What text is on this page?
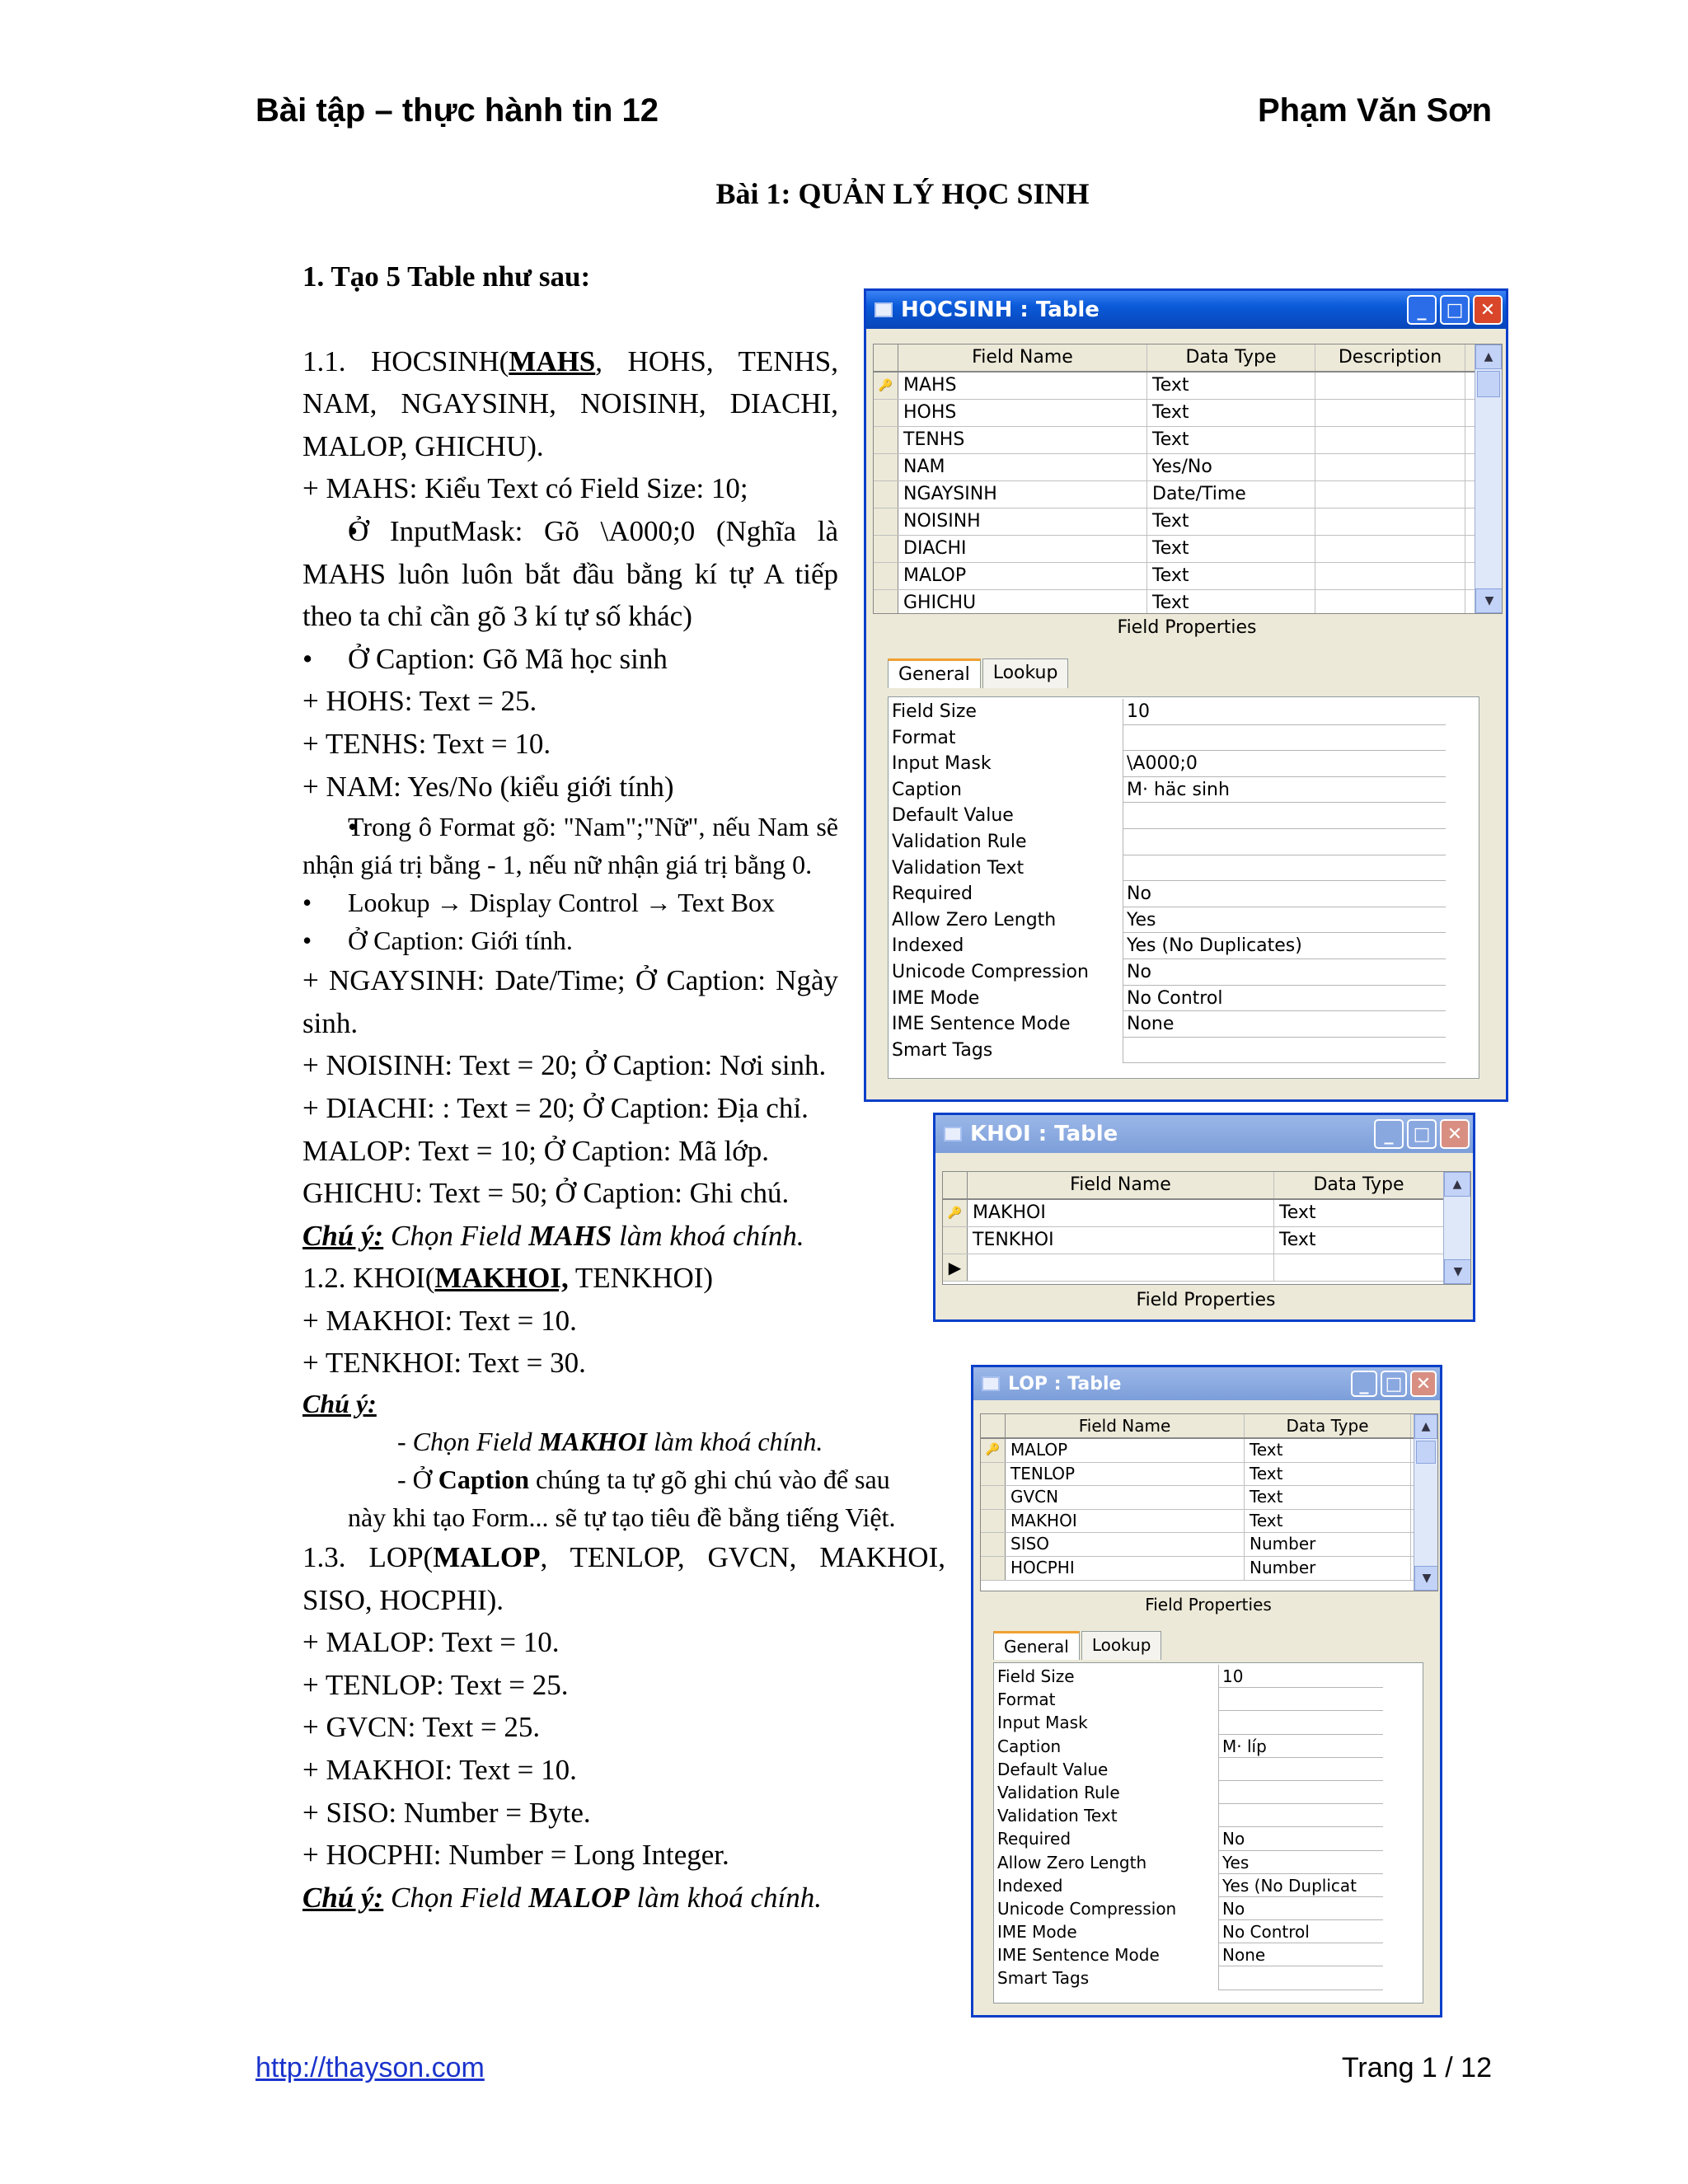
Bài tập – thực hành tin 12	Phạm Văn Sơn
Bài 1: QUẢN LÝ HỌC SINH

1. Tạo 5 Table như sau:

1.1. HOCSINH(MAHS, HOHS, TENHS,

NAM, NGAYSINH, NOISINH, DIACHI,

MALOP, GHICHU).

+ MAHS: Kiểu Text có Field Size: 10;

• Ở InputMask: Gõ \A000;0 (Nghĩa là MAHS luôn luôn bắt đầu bằng kí tự A tiếp theo ta chỉ cần gõ 3 kí tự số khác)

• Ở Caption: Gõ Mã học sinh

+ HOHS: Text = 25.

+ TENHS: Text = 10.

+ NAM: Yes/No (kiểu giới tính)

• Trong ô Format gõ: "Nam";"Nữ", nếu Nam sẽ nhận giá trị bằng - 1, nếu nữ nhận giá trị bằng 0.

• Lookup → Display Control → Text Box

• Ở Caption: Giới tính.

+ NGAYSINH: Date/Time; Ở Caption: Ngày sinh.

+ NOISINH: Text = 20; Ở Caption: Nơi sinh.

+ DIACHI: : Text = 20; Ở Caption: Địa chỉ.

MALOP: Text = 10; Ở Caption: Mã lớp.

GHICHU: Text = 50; Ở Caption: Ghi chú.

Chú ý: Chọn Field MAHS làm khoá chính.

1.2. KHOI(MAKHOI, TENKHOI)

+ MAKHOI: Text = 10.

+ TENKHOI: Text = 30.

Chú ý:

- Chọn Field MAKHOI làm khoá chính.

- Ở Caption chúng ta tự gõ ghi chú vào để sau

này khi tạo Form... sẽ tự tạo tiêu đề bằng tiếng Việt.

1.3. LOP(MALOP, TENLOP, GVCN, MAKHOI,

SISO, HOCPHI).

+ MALOP: Text = 10.

+ TENLOP: Text = 25.

+ GVCN: Text = 25.

+ MAKHOI: Text = 10.

+ SISO: Number = Byte.

+ HOCPHI: Number = Long Integer.

Chú ý: Chọn Field MALOP làm khoá chính.

HOCSINH : Table	_	□ ✕
Field Name	Data Type	Description
🔑 MAHS	Text
HOHS	Text
TENHS	Text
NAM	Yes/No
NGAYSINH	Date/Time
NOISINH	Text
DIACHI	Text
MALOP	Text
GHICHU	Text
▲
▼
Field Properties
General	Lookup
Field Size	10
Format
Input Mask	\A000;0
Caption	M· häc sinh
Default Value
Validation Rule
Validation Text
Required	No
Allow Zero Length	Yes
Indexed	Yes (No Duplicates)
Unicode Compression	No
IME Mode	No Control
IME Sentence Mode	None
Smart Tags
KHOI : Table	_	□ ✕
Field Name	Data Type
🔑 MAKHOI	Text
TENKHOI	Text
▶
▲
▼
Field Properties
LOP : Table	_ □ ✕
Field Name	Data Type
🔑 MALOP	Text
TENLOP	Text
GVCN	Text
MAKHOI	Text
SISO	Number
HOCPHI	Number
▲
▼
Field Properties
General	Lookup
Field Size	10
Format
Input Mask
Caption	M· líp
Default Value
Validation Rule
Validation Text
Required	No
Allow Zero Length	Yes
Indexed	Yes (No Duplicat
Unicode Compression	No
IME Mode	No Control
IME Sentence Mode	None
Smart Tags
http://thayson.com	Trang 1 / 12
